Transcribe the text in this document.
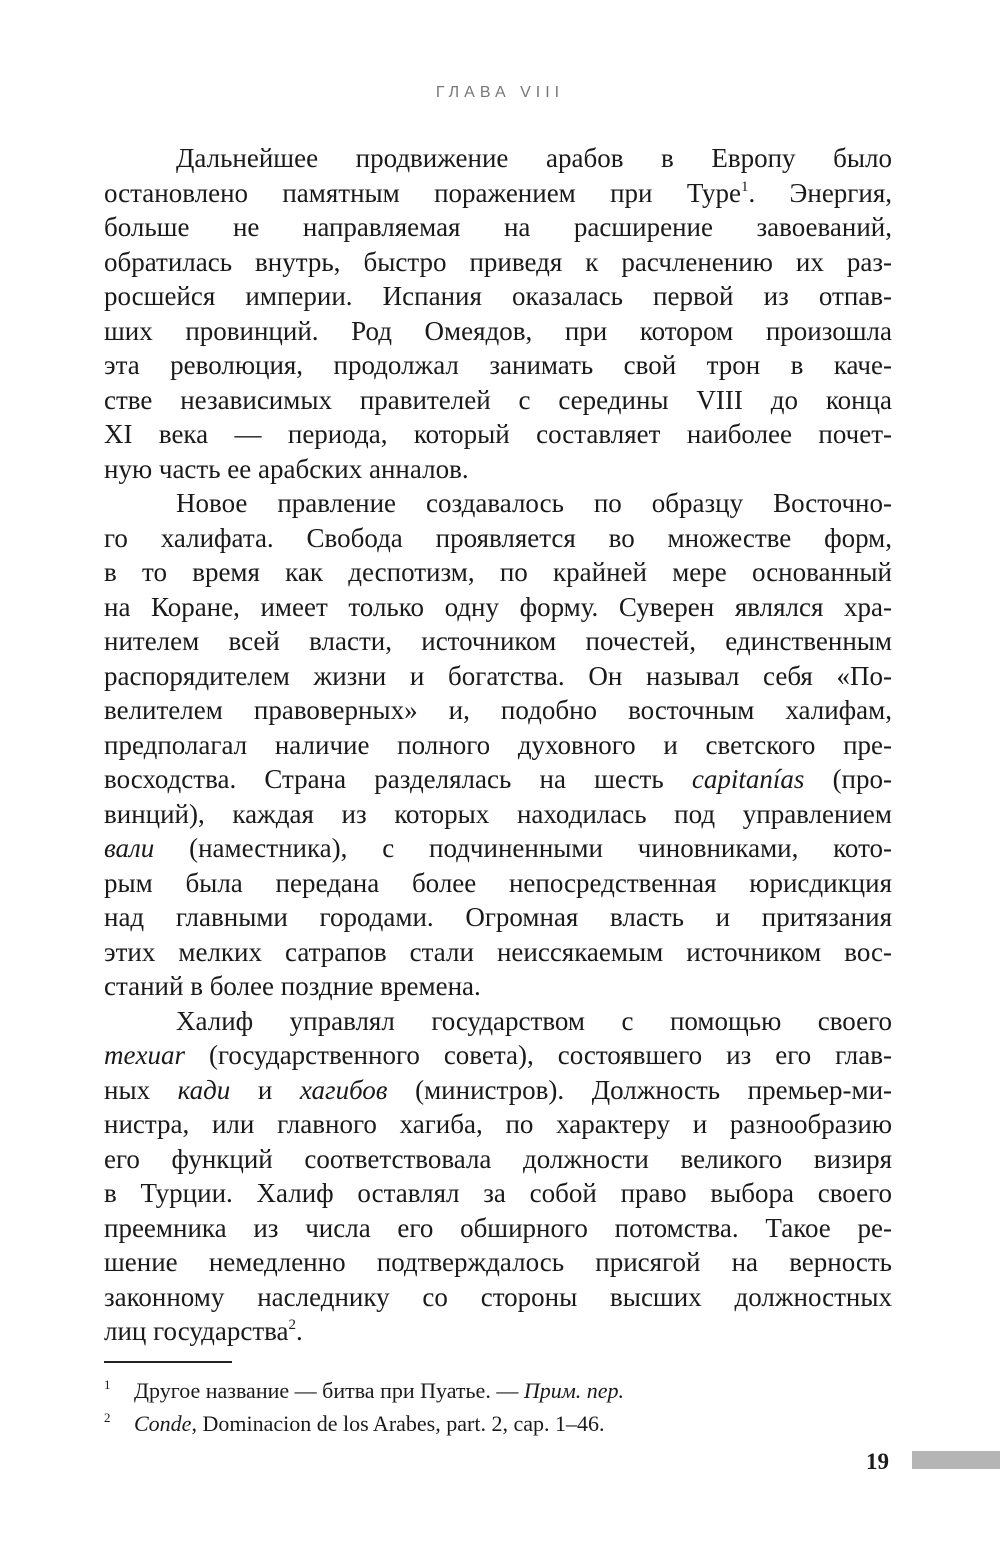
ГЛАВА VIII
Дальнейшее продвижение арабов в Европу было
остановлено памятным поражением при Туре$^1$. Энергия,
больше не направляемая на расширение завоеваний,
обратилась внутрь, быстро приведя к расчленению их раз-
росшейся империи. Испания оказалась первой из отпав-
ших провинций. Род Омеядов, при котором произошла
эта революция, продолжал занимать свой трон в каче-
стве независимых правителей с середины VIII до конца
XI века — периода, который составляет наиболее почет-
ную часть ее арабских анналов.
Новое правление создавалось по образцу Восточно-
го халифата. Свобода проявляется во множестве форм,
в то время как деспотизм, по крайней мере основанный
на Коране, имеет только одну форму. Суверен являлся хра-
нителем всей власти, источником почестей, единственным
распорядителем жизни и богатства. Он называл себя «По-
велителем правоверных» и, подобно восточным халифам,
предполагал наличие полного духовного и светского пре-
восходства. Страна разделялась на шесть capitanías (про-
винций), каждая из которых находилась под управлением
вали (наместника), с подчиненными чиновниками, кото-
рым была передана более непосредственная юрисдикция
над главными городами. Огромная власть и притязания
этих мелких сатрапов стали неиссякаемым источником вос-
станий в более поздние времена.
Халиф управлял государством с помощью своего
mexuar (государственного совета), состоявшего из его глав-
ных кади и хагибов (министров). Должность премьер-ми-
нистра, или главного хагиба, по характеру и разнообразию
его функций соответствовала должности великого визиря
в Турции. Халиф оставлял за собой право выбора своего
преемника из числа его обширного потомства. Такое ре-
шение немедленно подтверждалось присягой на верность
законному наследнику со стороны высших должностных
лиц государства$^2$.
1 Другое название — битва при Пуатье. — Прим. пер.
2 Conde, Dominacion de los Arabes, part. 2, cap. 1–46.
19
